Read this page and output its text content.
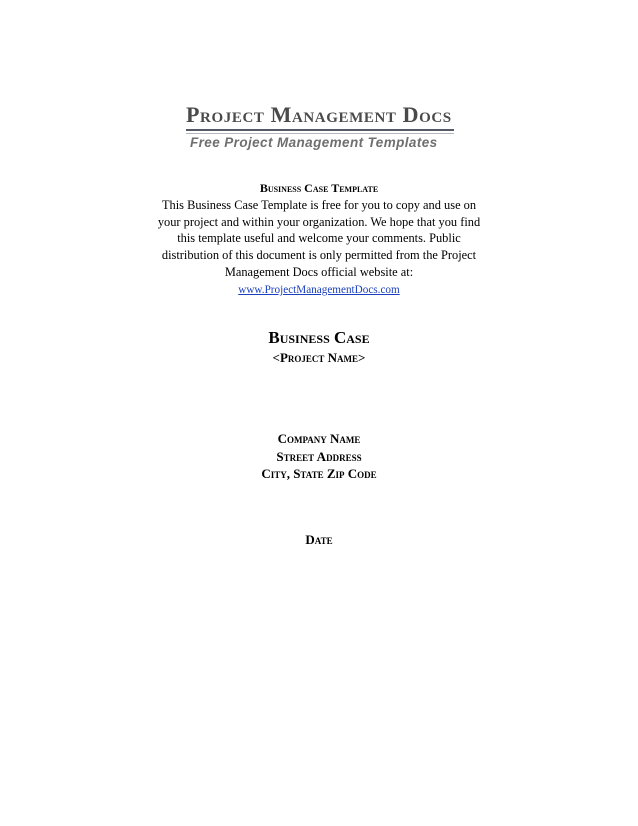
Project Management Docs
Free Project Management Templates
Business Case Template
This Business Case Template is free for you to copy and use on
your project and within your organization. We hope that you find
this template useful and welcome your comments. Public
distribution of this document is only permitted from the Project
Management Docs official website at:
www.ProjectManagementDocs.com
Business Case
<Project Name>
Company Name
Street Address
City, State Zip Code
Date
